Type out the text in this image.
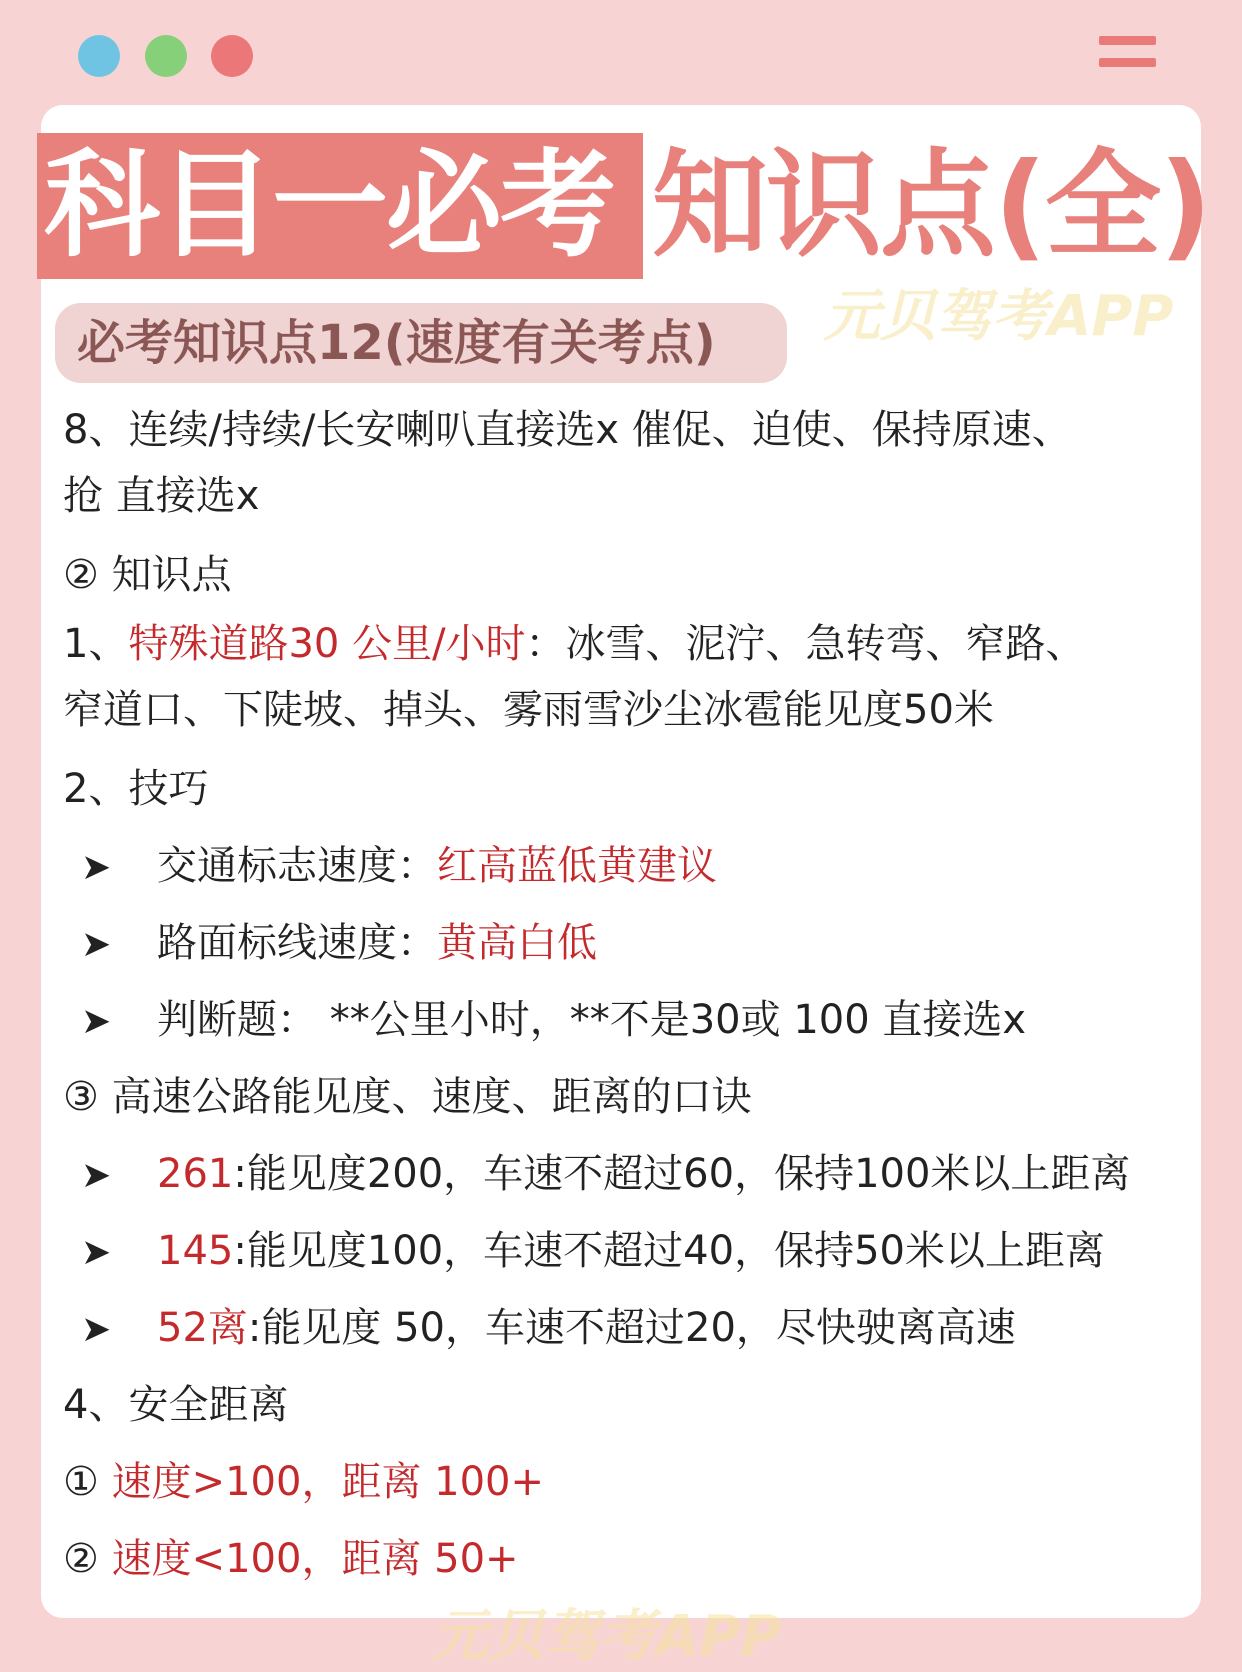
科目一必考 知识点(全)
元贝驾考APP
必考知识点12(速度有关考点)
8、连续/持续/长安喇叭直接选x 催促、迫使、保持原速、
抢 直接选x
② 知识点
1、特殊道路30 公里/小时：冰雪、泥泞、急转弯、窄路、
窄道口、下陡坡、掉头、雾雨雪沙尘冰雹能见度50米
2、技巧
➤ 交通标志速度：红高蓝低黄建议
➤ 路面标线速度：黄高白低
➤ 判断题： **公里小时，**不是30或 100 直接选x
③ 高速公路能见度、速度、距离的口诀
➤ 261:能见度200，车速不超过60，保持100米以上距离
➤ 145:能见度100，车速不超过40，保持50米以上距离
➤ 52离:能见度 50，车速不超过20，尽快驶离高速
4、安全距离
① 速度>100，距离 100+
② 速度<100，距离 50+
元贝驾考APP
